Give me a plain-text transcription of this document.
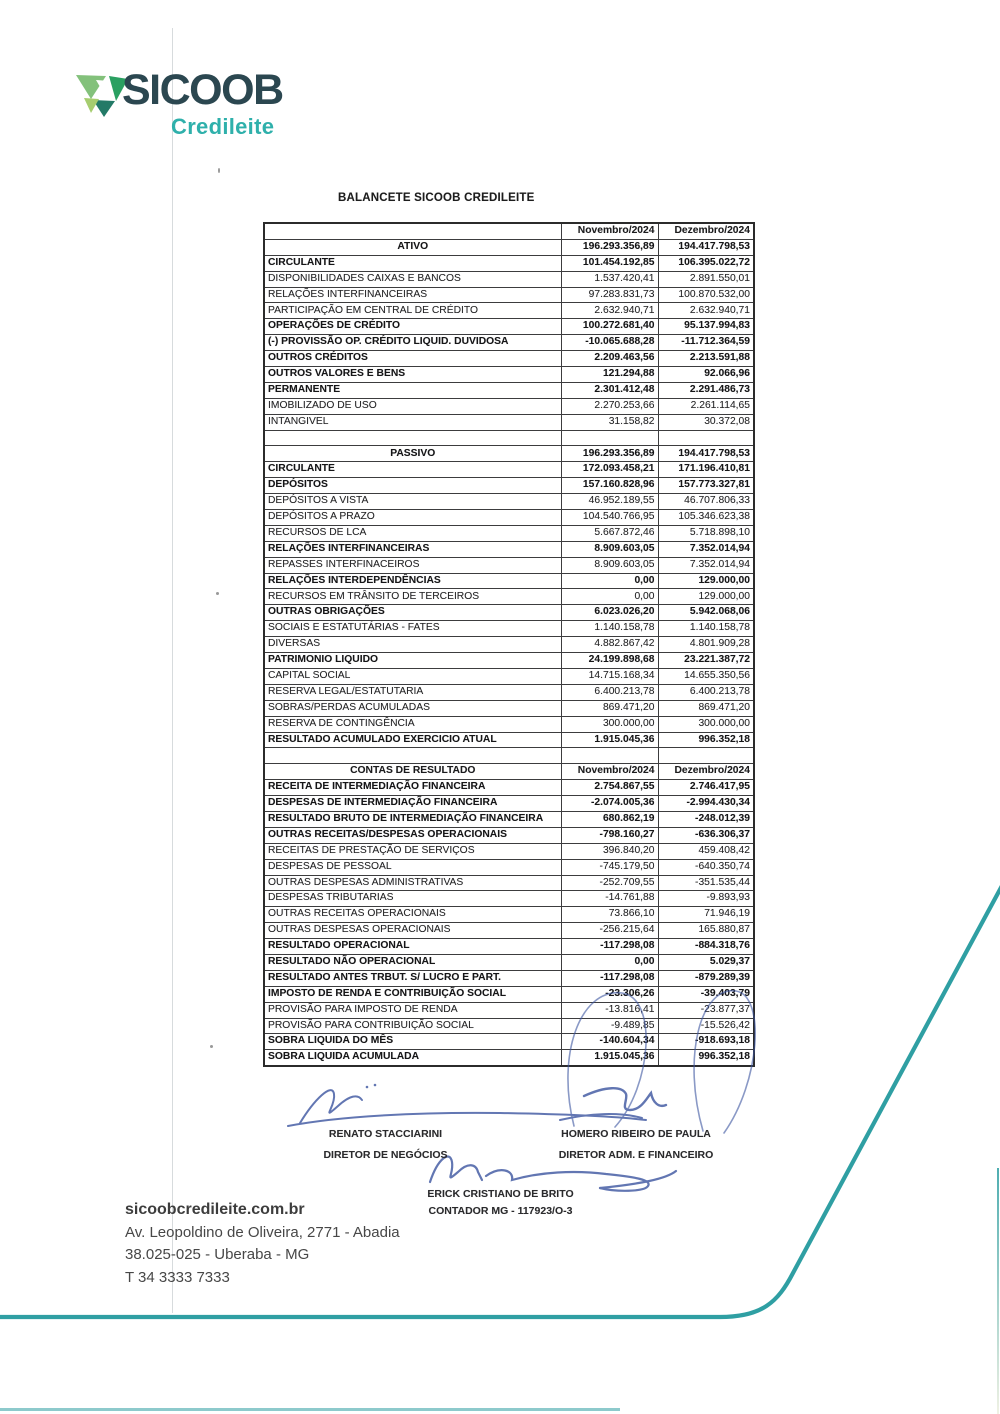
SICOOB
Credileite
BALANCETE SICOOB CREDILEITE
	Novembro/2024	Dezembro/2024
ATIVO	196.293.356,89	194.417.798,53
CIRCULANTE	101.454.192,85	106.395.022,72
DISPONIBILIDADES CAIXAS E BANCOS	1.537.420,41	2.891.550,01
RELAÇÕES INTERFINANCEIRAS	97.283.831,73	100.870.532,00
PARTICIPAÇÃO EM CENTRAL DE CRÉDITO	2.632.940,71	2.632.940,71
OPERAÇÕES DE CRÉDITO	100.272.681,40	95.137.994,83
(-) PROVISSÃO OP. CRÉDITO LIQUID. DUVIDOSA	-10.065.688,28	-11.712.364,59
OUTROS CRÉDITOS	2.209.463,56	2.213.591,88
OUTROS VALORES E BENS	121.294,88	92.066,96
PERMANENTE	2.301.412,48	2.291.486,73
IMOBILIZADO DE USO	2.270.253,66	2.261.114,65
INTANGIVEL	31.158,82	30.372,08

PASSIVO	196.293.356,89	194.417.798,53
CIRCULANTE	172.093.458,21	171.196.410,81
DEPÓSITOS	157.160.828,96	157.773.327,81
DEPÓSITOS A VISTA	46.952.189,55	46.707.806,33
DEPÓSITOS A PRAZO	104.540.766,95	105.346.623,38
RECURSOS DE LCA	5.667.872,46	5.718.898,10
RELAÇÕES INTERFINANCEIRAS	8.909.603,05	7.352.014,94
REPASSES INTERFINACEIROS	8.909.603,05	7.352.014,94
RELAÇÕES INTERDEPENDÊNCIAS	0,00	129.000,00
RECURSOS EM TRÂNSITO DE TERCEIROS	0,00	129.000,00
OUTRAS OBRIGAÇÕES	6.023.026,20	5.942.068,06
SOCIAIS E ESTATUTÁRIAS - FATES	1.140.158,78	1.140.158,78
DIVERSAS	4.882.867,42	4.801.909,28
PATRIMONIO LIQUIDO	24.199.898,68	23.221.387,72
CAPITAL SOCIAL	14.715.168,34	14.655.350,56
RESERVA LEGAL/ESTATUTARIA	6.400.213,78	6.400.213,78
SOBRAS/PERDAS ACUMULADAS	869.471,20	869.471,20
RESERVA DE CONTINGÊNCIA	300.000,00	300.000,00
RESULTADO ACUMULADO EXERCICIO ATUAL	1.915.045,36	996.352,18

CONTAS DE RESULTADO	Novembro/2024	Dezembro/2024
RECEITA DE INTERMEDIAÇÃO FINANCEIRA	2.754.867,55	2.746.417,95
DESPESAS DE INTERMEDIAÇÃO FINANCEIRA	-2.074.005,36	-2.994.430,34
RESULTADO BRUTO DE INTERMEDIAÇÃO FINANCEIRA	680.862,19	-248.012,39
OUTRAS RECEITAS/DESPESAS OPERACIONAIS	-798.160,27	-636.306,37
RECEITAS DE PRESTAÇÃO DE SERVIÇOS	396.840,20	459.408,42
DESPESAS DE PESSOAL	-745.179,50	-640.350,74
OUTRAS DESPESAS ADMINISTRATIVAS	-252.709,55	-351.535,44
DESPESAS TRIBUTARIAS	-14.761,88	-9.893,93
OUTRAS RECEITAS OPERACIONAIS	73.866,10	71.946,19
OUTRAS DESPESAS OPERACIONAIS	-256.215,64	165.880,87
RESULTADO OPERACIONAL	-117.298,08	-884.318,76
RESULTADO NÃO OPERACIONAL	0,00	5.029,37
RESULTADO ANTES TRBUT. S/ LUCRO E PART.	-117.298,08	-879.289,39
IMPOSTO DE RENDA E CONTRIBUIÇÃO SOCIAL	-23.306,26	-39.403,79
PROVISÃO PARA IMPOSTO DE RENDA	-13.816,41	-23.877,37
PROVISÃO PARA CONTRIBUIÇÃO SOCIAL	-9.489,85	-15.526,42
SOBRA LIQUIDA DO MÊS	-140.604,34	-918.693,18
SOBRA LIQUIDA ACUMULADA	1.915.045,36	996.352,18
RENATO STACCIARINI
DIRETOR DE NEGÓCIOS
HOMERO RIBEIRO DE PAULA
DIRETOR ADM. E FINANCEIRO
ERICK CRISTIANO DE BRITO
CONTADOR MG - 117923/O-3
sicoobcredileite.com.br
Av. Leopoldino de Oliveira, 2771 - Abadia
38.025-025 - Uberaba - MG
T 34 3333 7333
